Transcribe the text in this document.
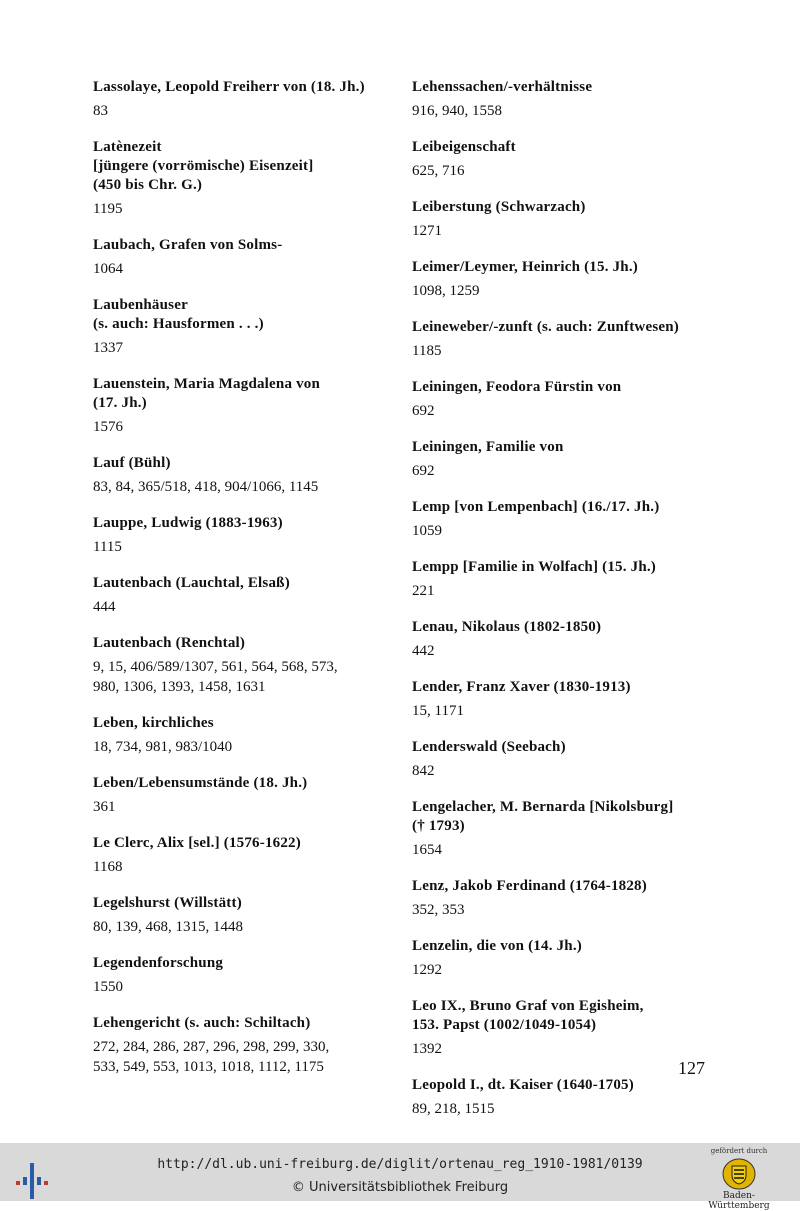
Lassolaye, Leopold Freiherr von (18. Jh.)
83
Latènezeit
[jüngere (vorrömische) Eisenzeit]
(450 bis Chr. G.)
1195
Laubach, Grafen von Solms-
1064
Laubenhäuser
(s. auch: Hausformen . . .)
1337
Lauenstein, Maria Magdalena von
(17. Jh.)
1576
Lauf (Bühl)
83, 84, 365/518, 418, 904/1066, 1145
Lauppe, Ludwig (1883-1963)
1115
Lautenbach (Lauchtal, Elsaß)
444
Lautenbach (Renchtal)
9, 15, 406/589/1307, 561, 564, 568, 573,
980, 1306, 1393, 1458, 1631
Leben, kirchliches
18, 734, 981, 983/1040
Leben/Lebensumstände (18. Jh.)
361
Le Clerc, Alix [sel.] (1576-1622)
1168
Legelshurst (Willstätt)
80, 139, 468, 1315, 1448
Legendenforschung
1550
Lehengericht (s. auch: Schiltach)
272, 284, 286, 287, 296, 298, 299, 330,
533, 549, 553, 1013, 1018, 1112, 1175
Lehenssachen/-verhältnisse
916, 940, 1558
Leibeigenschaft
625, 716
Leiberstung (Schwarzach)
1271
Leimer/Leymer, Heinrich (15. Jh.)
1098, 1259
Leineweber/-zunft (s. auch: Zunftwesen)
1185
Leiningen, Feodora Fürstin von
692
Leiningen, Familie von
692
Lemp [von Lempenbach] (16./17. Jh.)
1059
Lempp [Familie in Wolfach] (15. Jh.)
221
Lenau, Nikolaus (1802-1850)
442
Lender, Franz Xaver (1830-1913)
15, 1171
Lenderswald (Seebach)
842
Lengelacher, M. Bernarda [Nikolsburg]
(† 1793)
1654
Lenz, Jakob Ferdinand (1764-1828)
352, 353
Lenzelin, die von (14. Jh.)
1292
Leo IX., Bruno Graf von Egisheim,
153. Papst (1002/1049-1054)
1392
Leopold I., dt. Kaiser (1640-1705)
89, 218, 1515
127
http://dl.ub.uni-freiburg.de/diglit/ortenau_reg_1910-1981/0139
© Universitätsbibliothek Freiburg
gefördert durch
Baden-Württemberg
